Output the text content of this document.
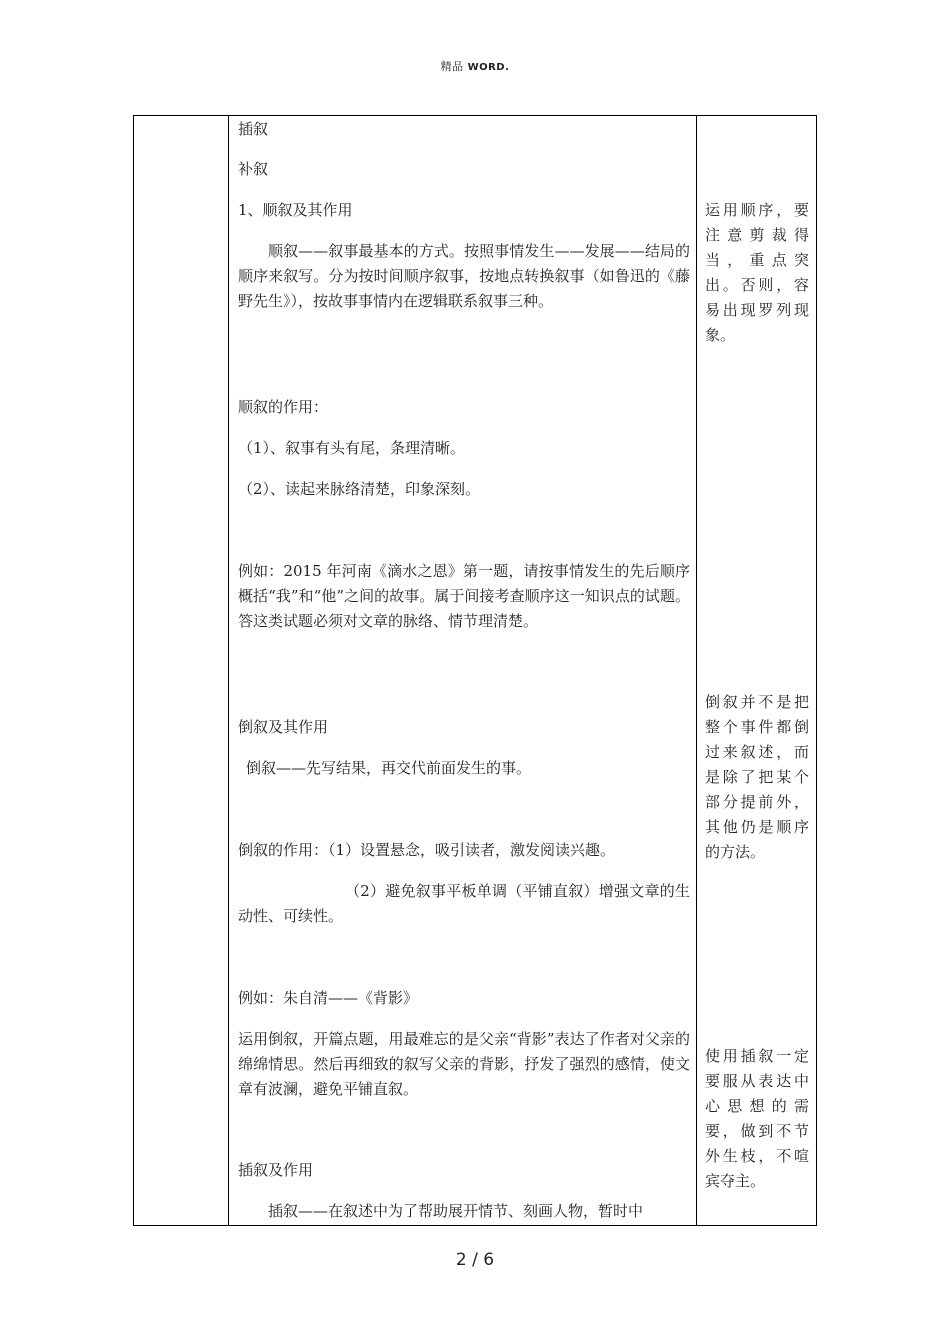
精品 WORD.

插叙

补叙

1、顺叙及其作用

顺叙——叙事最基本的方式。按照事情发生——发展——结局的顺序来叙写。分为按时间顺序叙事，按地点转换叙事（如鲁迅的《藤野先生》），按故事事情内在逻辑联系叙事三种。

顺叙的作用：

（1）、叙事有头有尾，条理清晰。

（2）、读起来脉络清楚，印象深刻。

例如：2015 年河南《滴水之恩》第一题，请按事情发生的先后顺序概括“我”和“他”之间的故事。属于间接考查顺序这一知识点的试题。答这类试题必须对文章的脉络、情节理清楚。

倒叙及其作用

倒叙——先写结果，再交代前面发生的事。

倒叙的作用：（1）设置悬念，吸引读者，激发阅读兴趣。

（2）避免叙事平板单调（平铺直叙）增强文章的生动性、可续性。

例如：朱自清——《背影》

运用倒叙，开篇点题，用最难忘的是父亲“背影”表达了作者对父亲的绵绵情思。然后再细致的叙写父亲的背影，抒发了强烈的感情，使文章有波澜，避免平铺直叙。

插叙及作用

插叙——在叙述中为了帮助展开情节、刻画人物，暂时中

运用顺序，要注意剪裁得当，重点突出。否则，容易出现罗列现象。

倒叙并不是把整个事件都倒过来叙述，而是除了把某个部分提前外，其他仍是顺序的方法。

使用插叙一定要服从表达中心思想的需要，做到不节外生枝，不喧宾夺主。

2 / 6
